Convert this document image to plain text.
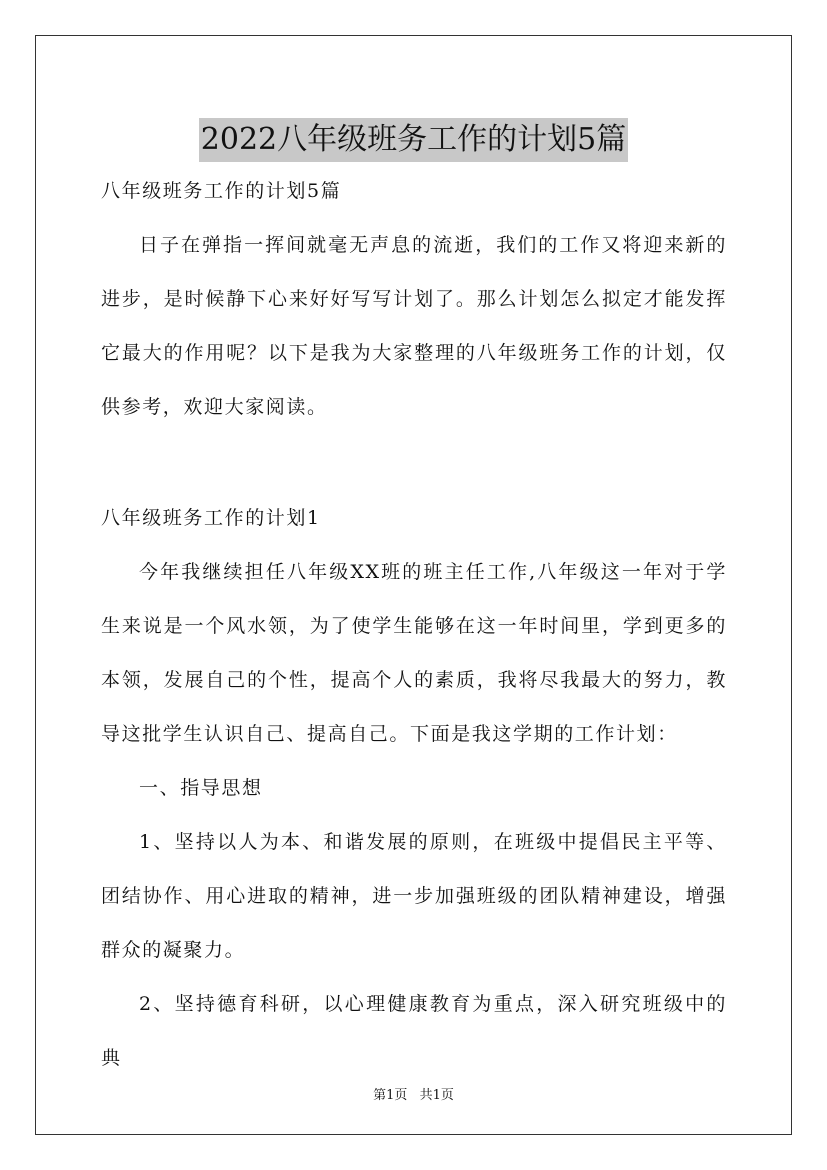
2022八年级班务工作的计划5篇

八年级班务工作的计划5篇

日子在弹指一挥间就毫无声息的流逝，我们的工作又将迎来新的进步，是时候静下心来好好写写计划了。那么计划怎么拟定才能发挥它最大的作用呢？以下是我为大家整理的八年级班务工作的计划，仅供参考，欢迎大家阅读。

八年级班务工作的计划1

今年我继续担任八年级XX班的班主任工作,八年级这一年对于学生来说是一个风水领，为了使学生能够在这一年时间里，学到更多的本领，发展自己的个性，提高个人的素质，我将尽我最大的努力，教导这批学生认识自己、提高自己。下面是我这学期的工作计划：

一、指导思想

1、坚持以人为本、和谐发展的原则，在班级中提倡民主平等、团结协作、用心进取的精神，进一步加强班级的团队精神建设，增强群众的凝聚力。

2、坚持德育科研，以心理健康教育为重点，深入研究班级中的典

第1页 共1页
